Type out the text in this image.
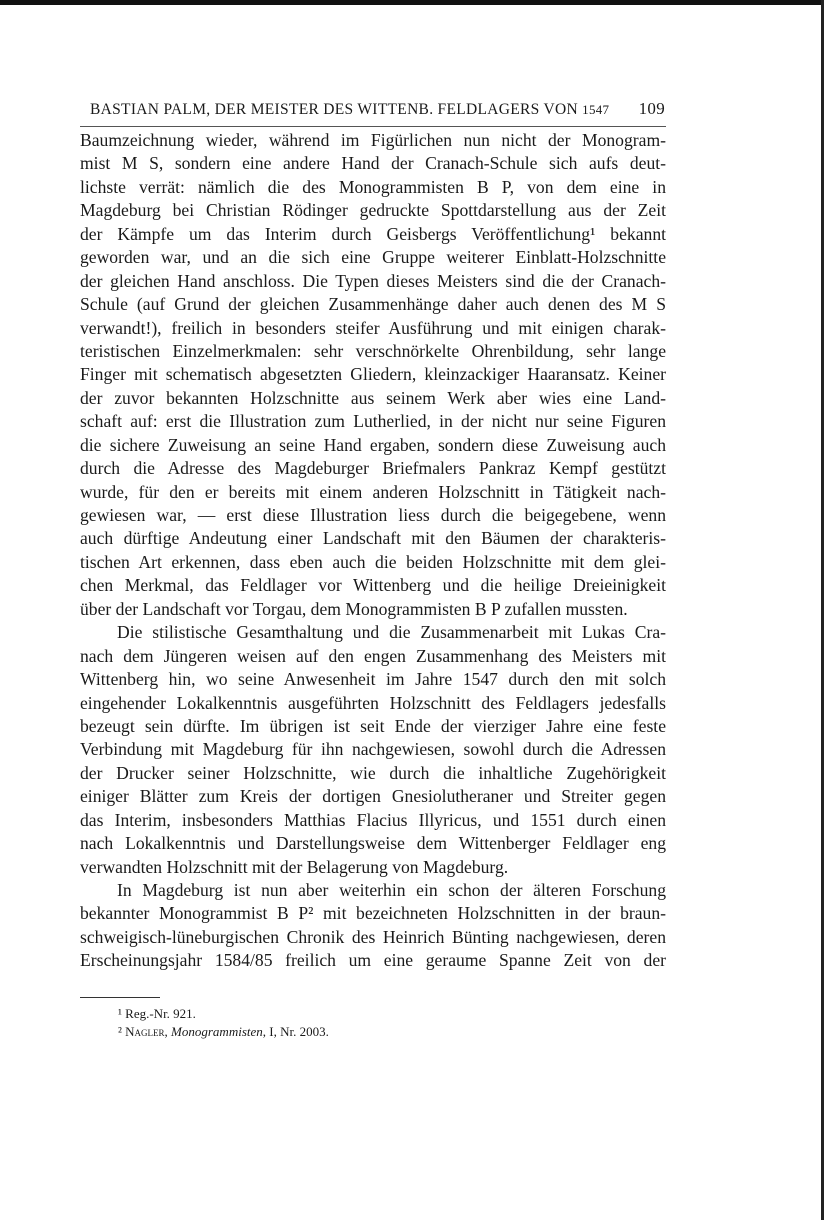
BASTIAN PALM, DER MEISTER DES WITTENB. FELDLAGERS VON 1547 109
Baumzeichnung wieder, während im Figürlichen nun nicht der Monogram-
mist M S, sondern eine andere Hand der Cranach-Schule sich aufs deut-
lichste verrät: nämlich die des Monogrammisten B P, von dem eine in
Magdeburg bei Christian Rödinger gedruckte Spottdarstellung aus der Zeit
der Kämpfe um das Interim durch Geisbergs Veröffentlichung¹ bekannt
geworden war, und an die sich eine Gruppe weiterer Einblatt-Holzschnitte
der gleichen Hand anschloss. Die Typen dieses Meisters sind die der Cranach-
Schule (auf Grund der gleichen Zusammenhänge daher auch denen des M S
verwandt!), freilich in besonders steifer Ausführung und mit einigen charak-
teristischen Einzelmerkmalen: sehr verschnörkelte Ohrenbildung, sehr lange
Finger mit schematisch abgesetzten Gliedern, kleinzackiger Haaransatz. Keiner
der zuvor bekannten Holzschnitte aus seinem Werk aber wies eine Land-
schaft auf: erst die Illustration zum Lutherlied, in der nicht nur seine Figuren
die sichere Zuweisung an seine Hand ergaben, sondern diese Zuweisung auch
durch die Adresse des Magdeburger Briefmalers Pankraz Kempf gestützt
wurde, für den er bereits mit einem anderen Holzschnitt in Tätigkeit nach-
gewiesen war, — erst diese Illustration liess durch die beigegebene, wenn
auch dürftige Andeutung einer Landschaft mit den Bäumen der charakteris-
tischen Art erkennen, dass eben auch die beiden Holzschnitte mit dem glei-
chen Merkmal, das Feldlager vor Wittenberg und die heilige Dreieinigkeit
über der Landschaft vor Torgau, dem Monogrammisten B P zufallen mussten.
Die stilistische Gesamthaltung und die Zusammenarbeit mit Lukas Cra-
nach dem Jüngeren weisen auf den engen Zusammenhang des Meisters mit
Wittenberg hin, wo seine Anwesenheit im Jahre 1547 durch den mit solch
eingehender Lokalkenntnis ausgeführten Holzschnitt des Feldlagers jedesfalls
bezeugt sein dürfte. Im übrigen ist seit Ende der vierziger Jahre eine feste
Verbindung mit Magdeburg für ihn nachgewiesen, sowohl durch die Adressen
der Drucker seiner Holzschnitte, wie durch die inhaltliche Zugehörigkeit
einiger Blätter zum Kreis der dortigen Gnesiolutheraner und Streiter gegen
das Interim, insbesonders Matthias Flacius Illyricus, und 1551 durch einen
nach Lokalkenntnis und Darstellungsweise dem Wittenberger Feldlager eng
verwandten Holzschnitt mit der Belagerung von Magdeburg.
In Magdeburg ist nun aber weiterhin ein schon der älteren Forschung
bekannter Monogrammist B P² mit bezeichneten Holzschnitten in der braun-
schweigisch-lüneburgischen Chronik des Heinrich Bünting nachgewiesen, deren
Erscheinungsjahr 1584/85 freilich um eine geraume Spanne Zeit von der
¹ Reg.-Nr. 921.
² Nagler, Monogrammisten, I, Nr. 2003.
